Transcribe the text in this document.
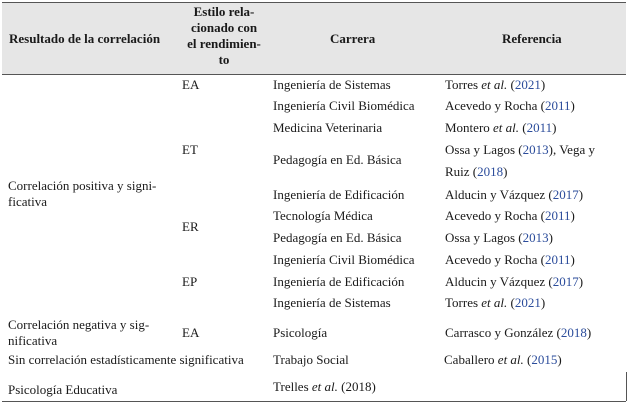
Resultado de la correlación
Estilo rela-
cionado con
el rendimien-
to
Carrera	Referencia
Correlación positiva y signi-
ficativa
Correlación negativa y sig-
nificativa
Sin correlación estadísticamente significativa
Psicología Educativa
EA
ET
ER
EP
EA
Ingeniería de Sistemas
Ingeniería Civil Biomédica
Medicina Veterinaria
Pedagogía en Ed. Básica
Ingeniería de Edificación
Tecnología Médica
Pedagogía en Ed. Básica
Ingeniería Civil Biomédica
Ingeniería de Edificación
Ingeniería de Sistemas
Psicología
Trabajo Social
Torres et al. (2021)
Acevedo y Rocha (2011)
Montero et al. (2011)
Ossa y Lagos (2013), Vega y
Ruiz (2018)
Alducin y Vázquez (2017)
Acevedo y Rocha (2011)
Ossa y Lagos (2013)
Acevedo y Rocha (2011)
Alducin y Vázquez (2017)
Torres et al. (2021)
Carrasco y González (2018)
Caballero et al. (2015)
Trelles et al. (2018)
